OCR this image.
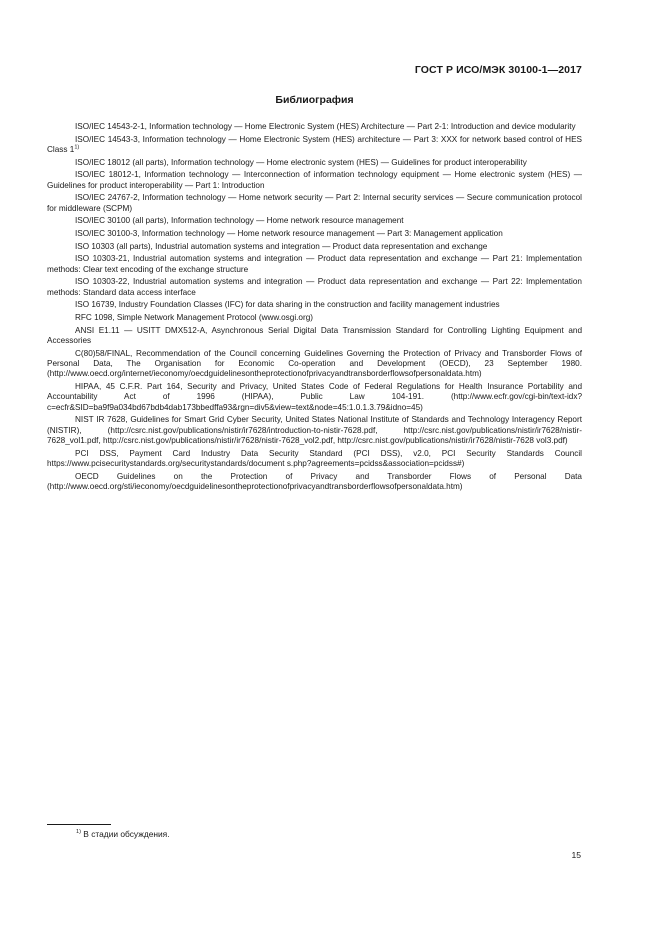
ГОСТ Р ИСО/МЭК 30100-1—2017
Библиография

ISO/IEC 14543-2-1, Information technology — Home Electronic System (HES) Architecture — Part 2-1: Introduction and device modularity

ISO/IEC 14543-3, Information technology — Home Electronic System (HES) architecture — Part 3: XXX for network based control of HES Class 1$^{1)}$

ISO/IEC 18012 (all parts), Information technology — Home electronic system (HES) — Guidelines for product interoperability

ISO/IEC 18012-1, Information technology — Interconnection of information technology equipment — Home electronic system (HES) — Guidelines for product interoperability — Part 1: Introduction

ISO/IEC 24767-2, Information technology — Home network security — Part 2: Internal security services — Secure communication protocol for middleware (SCPM)

ISO/IEC 30100 (all parts), Information technology — Home network resource management

ISO/IEC 30100-3, Information technology — Home network resource management — Part 3: Management application

ISO 10303 (all parts), Industrial automation systems and integration — Product data representation and exchange

ISO 10303-21, Industrial automation systems and integration — Product data representation and exchange — Part 21: Implementation methods: Clear text encoding of the exchange structure

ISO 10303-22, Industrial automation systems and integration — Product data representation and exchange — Part 22: Implementation methods: Standard data access interface

ISO 16739, Industry Foundation Classes (IFC) for data sharing in the construction and facility management industries

RFC 1098, Simple Network Management Protocol (www.osgi.org)

ANSI E1.11 — USITT DMX512-A, Asynchronous Serial Digital Data Transmission Standard for Controlling Lighting Equipment and Accessories

C(80)58/FINAL, Recommendation of the Council concerning Guidelines Governing the Protection of Privacy and Transborder Flows of Personal Data, The Organisation for Economic Co-operation and Development (OECD), 23 September 1980. (http://www.oecd.org/internet/ieconomy/oecdguidelinesontheprotectionofprivacyandtransborderflowsofpersonaldata.htm)

HIPAA, 45 C.F.R. Part 164, Security and Privacy, United States Code of Federal Regulations for Health Insurance Portability and Accountability Act of 1996 (HIPAA), Public Law 104-191. (http://www.ecfr.gov/cgi-bin/text-idx?c=ecfr&SID=ba9f9a034bd67bdb4dab173bbedffa93&rgn=div5&view=text&node=45:1.0.1.3.79&idno=45)

NIST IR 7628, Guidelines for Smart Grid Cyber Security, United States National Institute of Standards and Technology Interagency Report (NISTIR), (http://csrc.nist.gov/publications/nistir/ir7628/introduction-to-nistir-7628.pdf, http://csrc.nist.gov/publications/nistir/ir7628/nistir-7628_vol1.pdf, http://csrc.nist.gov/publications/nistir/ir7628/nistir-7628_vol2.pdf, http://csrc.nist.gov/publications/nistir/ir7628/nistir-7628 vol3.pdf)

PCI DSS, Payment Card Industry Data Security Standard (PCI DSS), v2.0, PCI Security Standards Council https://www.pcisecuritystandards.org/securitystandards/document s.php?agreements=pcidss&association=pcidss#)

OECD Guidelines on the Protection of Privacy and Transborder Flows of Personal Data (http://www.oecd.org/sti/ieconomy/oecdguidelinesontheprotectionofprivacyandtransborderflowsofpersonaldata.htm)

$^{1)}$ В стадии обсуждения.
15
